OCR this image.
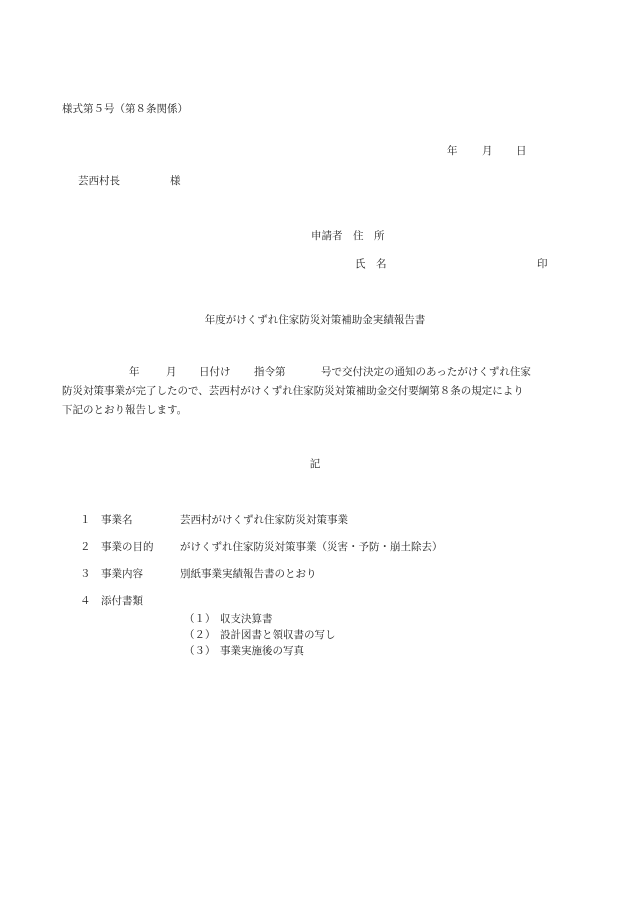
様式第５号（第８条関係）
年 月 日
芸西村長	様
申請者　住　所
氏　名	印
年度がけくずれ住家防災対策補助金実績報告書
年	月 日付け 指令第	号で交付決定の通知のあったがけくずれ住家
防災対策事業が完了したので、芸西村がけくずれ住家防災対策補助金交付要綱第８条の規定により
下記のとおり報告します。
記
１ 事業名	芸西村がけくずれ住家防災対策事業
２ 事業の目的	がけくずれ住家防災対策事業（災害・予防・崩土除去）
３ 事業内容	別紙事業実績報告書のとおり
４ 添付書類
（１） 収支決算書
（２） 設計図書と領収書の写し
（３） 事業実施後の写真
